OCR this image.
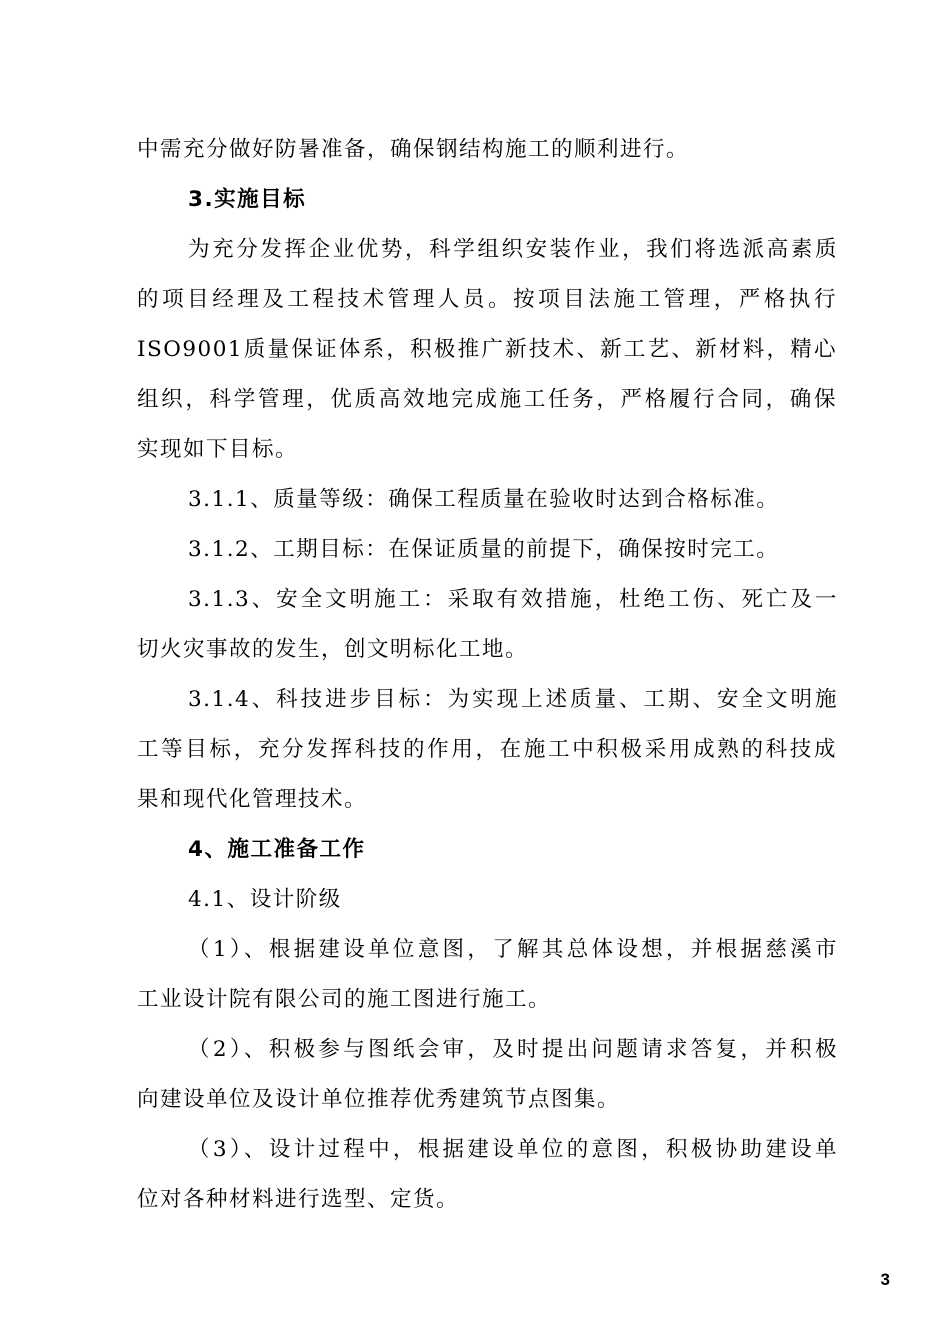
中需充分做好防暑准备，确保钢结构施工的顺利进行。
3.实施目标
为充分发挥企业优势，科学组织安装作业，我们将选派高素质
的项目经理及工程技术管理人员。按项目法施工管理，严格执行
ISO9001质量保证体系，积极推广新技术、新工艺、新材料，精心
组织，科学管理，优质高效地完成施工任务，严格履行合同，确保
实现如下目标。
3.1.1、质量等级：确保工程质量在验收时达到合格标准。
3.1.2、工期目标：在保证质量的前提下，确保按时完工。
3.1.3、安全文明施工：采取有效措施，杜绝工伤、死亡及一
切火灾事故的发生，创文明标化工地。
3.1.4、科技进步目标：为实现上述质量、工期、安全文明施
工等目标，充分发挥科技的作用，在施工中积极采用成熟的科技成
果和现代化管理技术。
4、施工准备工作
4.1、设计阶级
（1）、根据建设单位意图，了解其总体设想，并根据慈溪市
工业设计院有限公司的施工图进行施工。
（2）、积极参与图纸会审，及时提出问题请求答复，并积极
向建设单位及设计单位推荐优秀建筑节点图集。
（3）、设计过程中，根据建设单位的意图，积极协助建设单
位对各种材料进行选型、定货。
3
